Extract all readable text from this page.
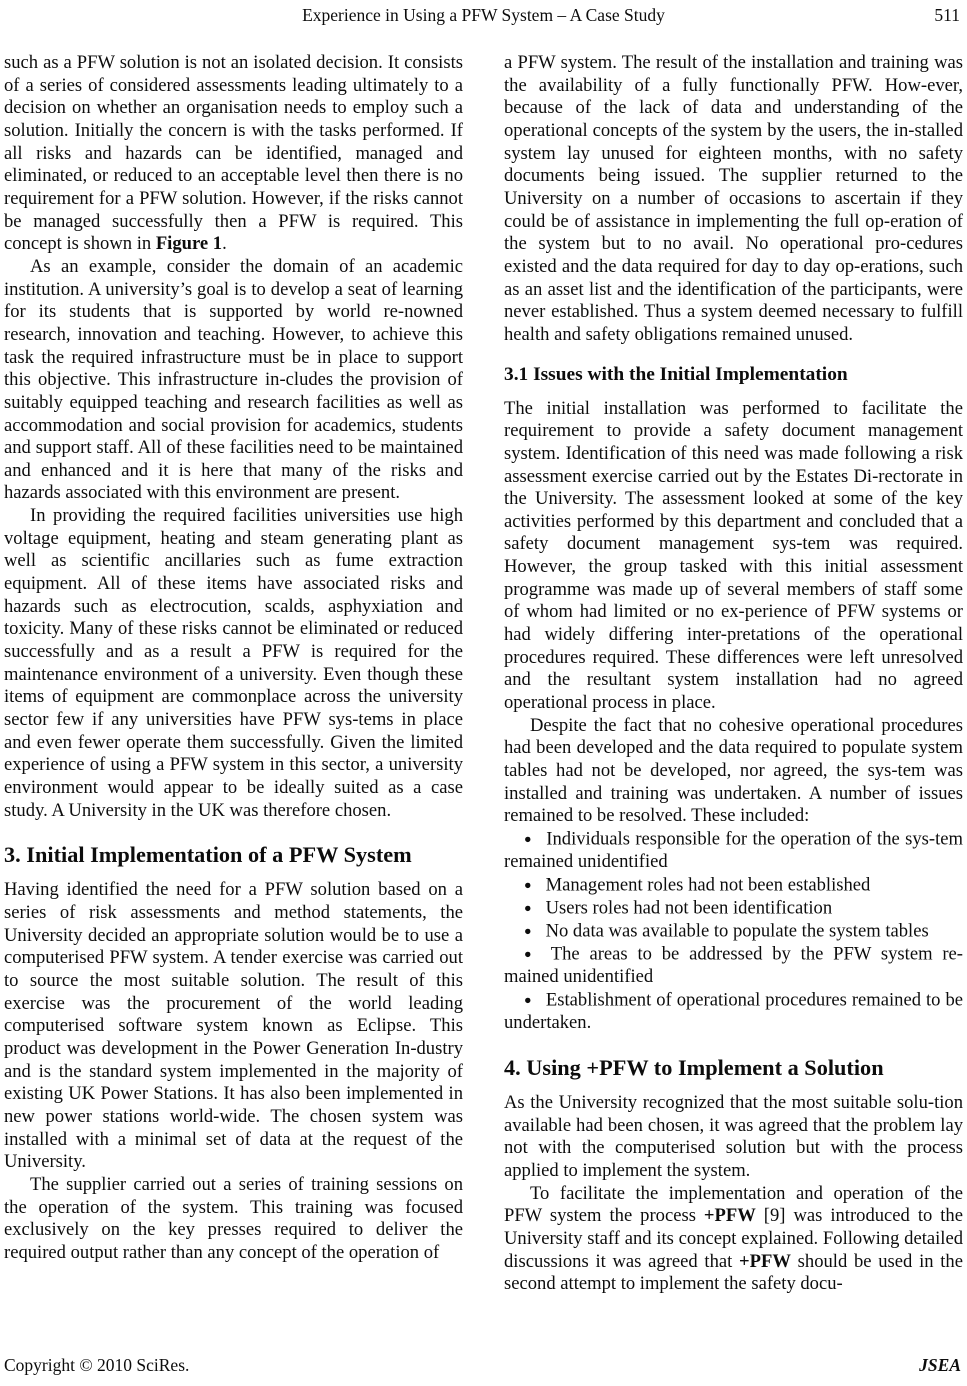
Experience in Using a PFW System – A Case Study	511
such as a PFW solution is not an isolated decision. It consists of a series of considered assessments leading ultimately to a decision on whether an organisation needs to employ such a solution. Initially the concern is with the tasks performed. If all risks and hazards can be identified, managed and eliminated, or reduced to an acceptable level then there is no requirement for a PFW solution. However, if the risks cannot be managed successfully then a PFW is required. This concept is shown in Figure 1.
As an example, consider the domain of an academic institution. A university’s goal is to develop a seat of learning for its students that is supported by world re-nowned research, innovation and teaching. However, to achieve this task the required infrastructure must be in place to support this objective. This infrastructure in-cludes the provision of suitably equipped teaching and research facilities as well as accommodation and social provision for academics, students and support staff. All of these facilities need to be maintained and enhanced and it is here that many of the risks and hazards associated with this environment are present.
In providing the required facilities universities use high voltage equipment, heating and steam generating plant as well as scientific ancillaries such as fume extraction equipment. All of these items have associated risks and hazards such as electrocution, scalds, asphyxiation and toxicity. Many of these risks cannot be eliminated or reduced successfully and as a result a PFW is required for the maintenance environment of a university. Even though these items of equipment are commonplace across the university sector few if any universities have PFW sys-tems in place and even fewer operate them successfully. Given the limited experience of using a PFW system in this sector, a university environment would appear to be ideally suited as a case study. A University in the UK was therefore chosen.
3. Initial Implementation of a PFW System
Having identified the need for a PFW solution based on a series of risk assessments and method statements, the University decided an appropriate solution would be to use a computerised PFW system. A tender exercise was carried out to source the most suitable solution. The result of this exercise was the procurement of the world leading computerised software system known as Eclipse. This product was development in the Power Generation In-dustry and is the standard system implemented in the majority of existing UK Power Stations. It has also been implemented in new power stations world-wide. The chosen system was installed with a minimal set of data at the request of the University.
The supplier carried out a series of training sessions on the operation of the system. This training was focused exclusively on the key presses required to deliver the required output rather than any concept of the operation of
a PFW system. The result of the installation and training was the availability of a fully functionally PFW. How-ever, because of the lack of data and understanding of the operational concepts of the system by the users, the in-stalled system lay unused for eighteen months, with no safety documents being issued. The supplier returned to the University on a number of occasions to ascertain if they could be of assistance in implementing the full op-eration of the system but to no avail. No operational pro-cedures existed and the data required for day to day op-erations, such as an asset list and the identification of the participants, were never established. Thus a system deemed necessary to fulfill health and safety obligations remained unused.
3.1 Issues with the Initial Implementation
The initial installation was performed to facilitate the requirement to provide a safety document management system. Identification of this need was made following a risk assessment exercise carried out by the Estates Di-rectorate in the University. The assessment looked at some of the key activities performed by this department and concluded that a safety document management sys-tem was required. However, the group tasked with this initial assessment programme was made up of several members of staff some of whom had limited or no ex-perience of PFW systems or had widely differing inter-pretations of the operational procedures required. These differences were left unresolved and the resultant system installation had no agreed operational process in place.
Despite the fact that no cohesive operational procedures had been developed and the data required to populate system tables had not be developed, nor agreed, the sys-tem was installed and training was undertaken. A number of issues remained to be resolved. These included:
● Individuals responsible for the operation of the sys-tem remained unidentified
● Management roles had not been established
● Users roles had not been identification
● No data was available to populate the system tables
● The areas to be addressed by the PFW system re-mained unidentified
● Establishment of operational procedures remained to be undertaken.
4. Using +PFW to Implement a Solution
As the University recognized that the most suitable solu-tion available had been chosen, it was agreed that the problem lay not with the computerised solution but with the process applied to implement the system.
To facilitate the implementation and operation of the PFW system the process +PFW [9] was introduced to the University staff and its concept explained. Following detailed discussions it was agreed that +PFW should be used in the second attempt to implement the safety docu-
Copyright © 2010 SciRes.	JSEA
